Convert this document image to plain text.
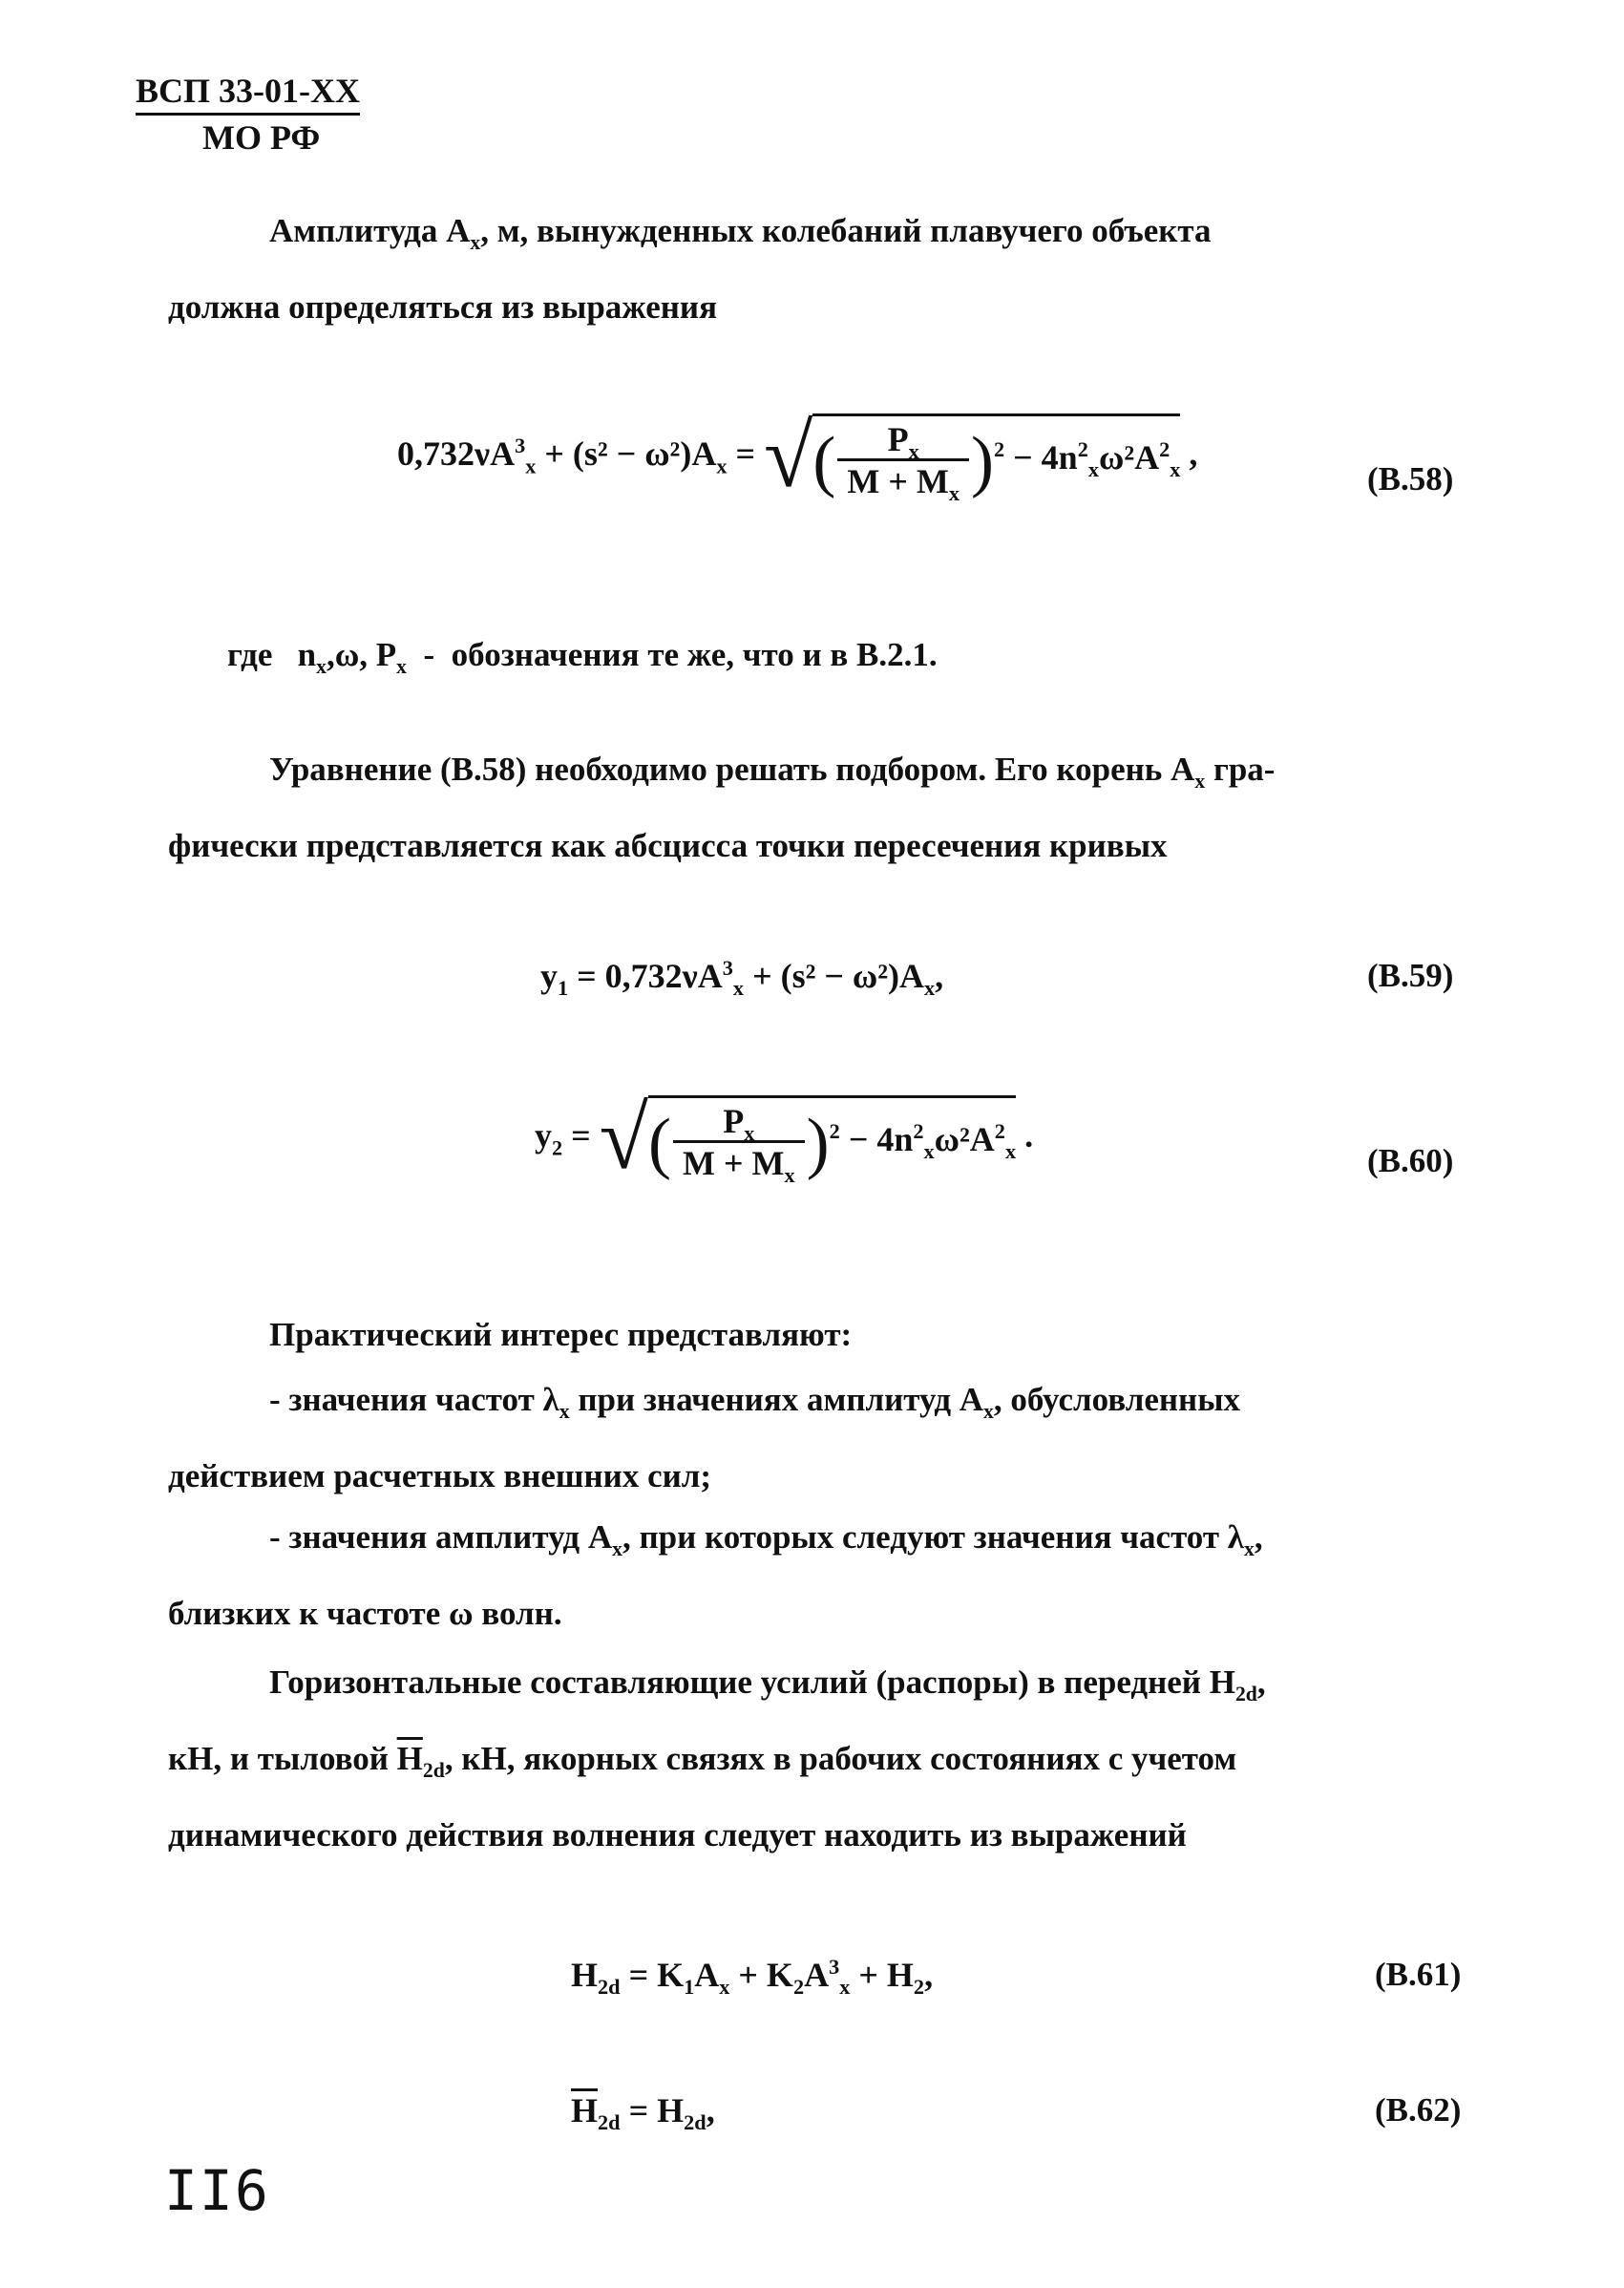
ВСП 33-01-ХХ

МО РФ
Амплитуда $A_x$, м, вынужденных колебаний плавучего объекта
должна определяться из выражения
$0,732\nu A^3_x + (s^2 - \omega^2)A_x$ = √( $\frac{P_x}{M + M_x} )^2 - 4n^2_x\omega^2A^2_x$ ,
(B.58)
где $n_x,\omega$, $P_x$ - обозначения те же, что и в B.2.1.
Уравнение (B.58) необходимо решать подбором. Его корень $A_x$ гра-
фически представляется как абсцисса точки пересечения кривых
$y_1 = 0,732\nu A^3_x + (s^2 - \omega^2)A_x$,	(B.59)
$y_2$ = √( $\frac{P_x}{M + M_x} )^2 - 4n^2_x\omega^2A^2_x$ .
(B.60)
Практический интерес представляют:
- значения частот $\lambda_x$ при значениях амплитуд $A_x$, обусловленных
действием расчетных внешних сил;
- значения амплитуд $A_x$, при которых следуют значения частот $\lambda_x$,
близких к частоте ω волн.
Горизонтальные составляющие усилий (распоры) в передней $H_{2d}$,
кН, и тыловой $\overline{H}_{2d}$, кН, якорных связях в рабочих состояниях с учетом
динамического действия волнения следует находить из выражений
$H_{2d} = K_1A_x + K_2A^3_x + H_2$,	(B.61)
$\overline{H}_{2d} = H_{2d}$,	(B.62)
II6
